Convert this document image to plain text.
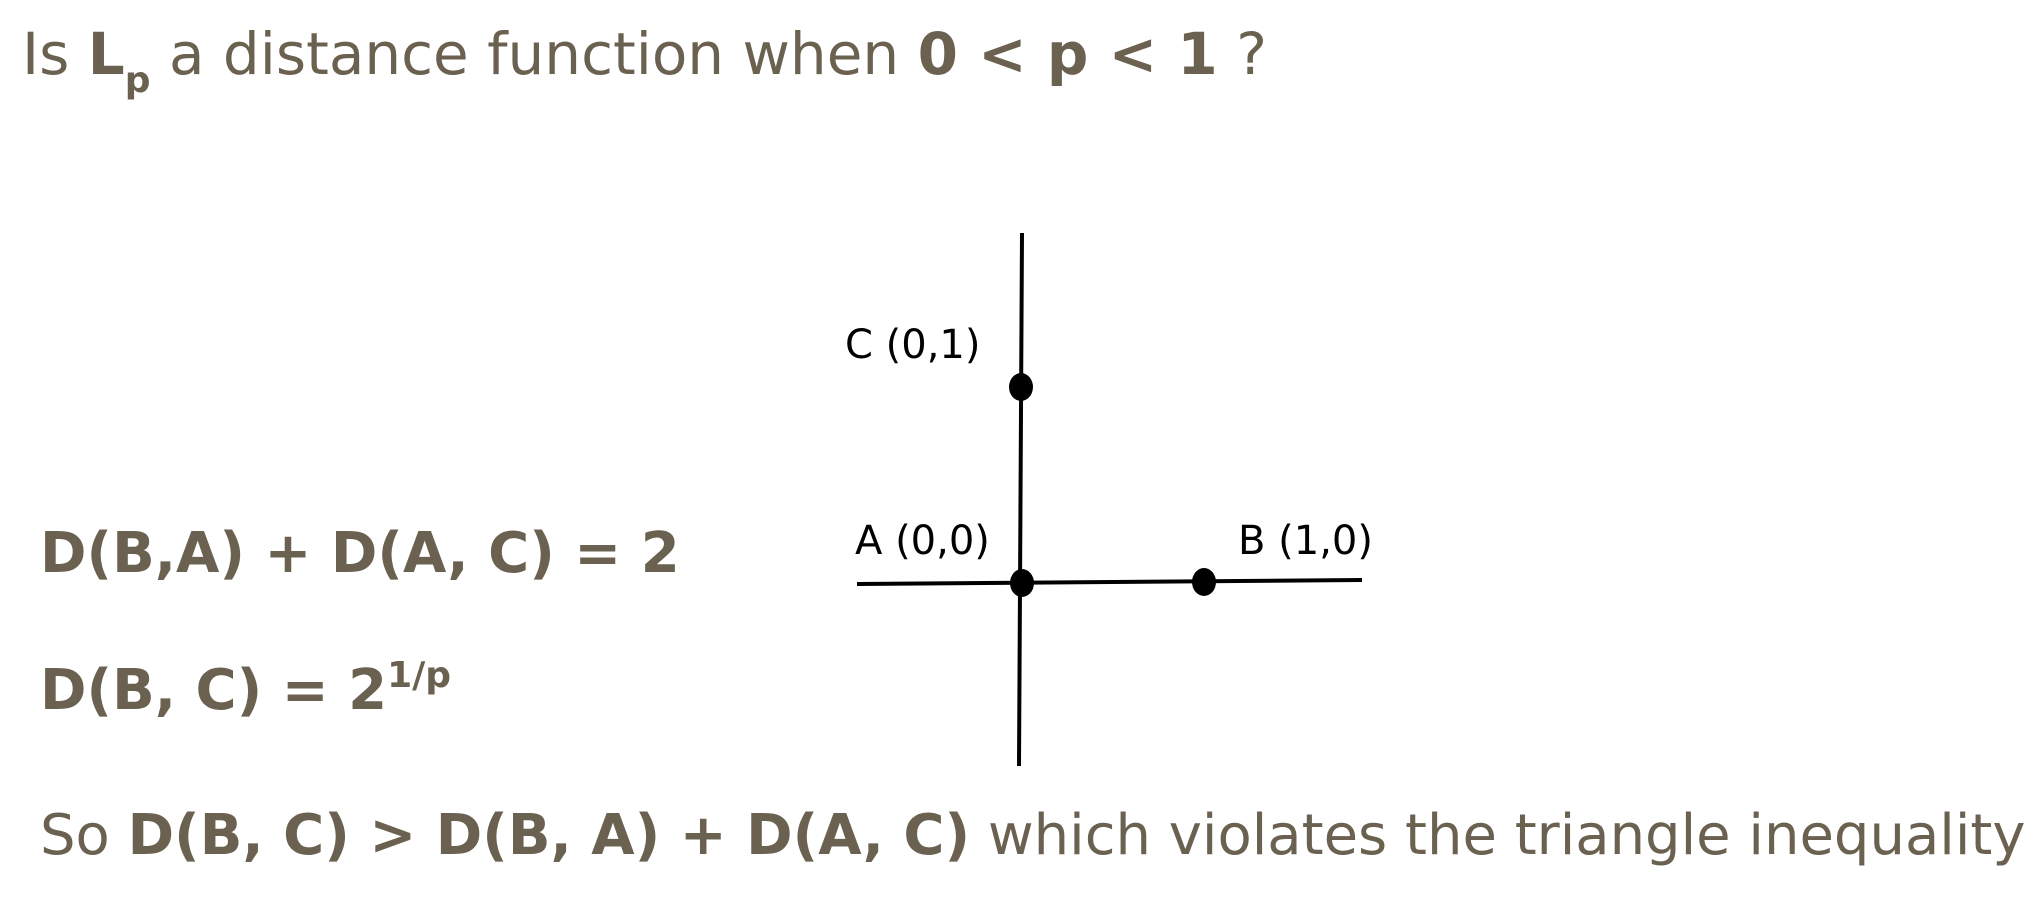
Is $L_p$ a distance function when 0 < p < 1 ?
D(B,A) + D(A, C) = 2
D(B, $C) = 2^{1/p}$
So D(B, C) > D(B, A) + D(A, C) which violates the triangle inequality
C (0,1)
A (0,0)	B (1,0)
